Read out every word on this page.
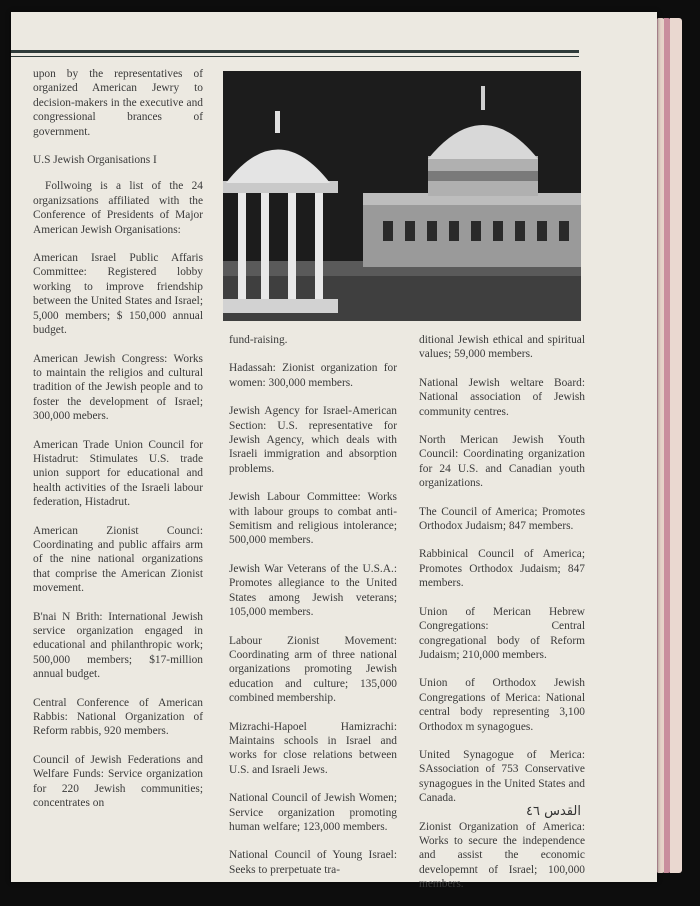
upon by the representatives of organized American Jewry to decision-makers in the executive and congressional brances of government.

U.S Jewish Organisations I

Follwoing is a list of the 24 organizsations affiliated with the Conference of Presidents of Major American Jewish Organisations:

American Israel Public Affaris Committee: Registered lobby working to improve friendship between the United States and Israel; 5,000 members; $ 150,000 annual budget.

American Jewish Congress: Works to maintain the religios and cultural tradition of the Jewish people and to foster the development of Israel; 300,000 mebers.

American Trade Union Council for Histadrut: Stimulates U.S. trade union support for educational and health activities of the Israeli labour federation, Histadrut.

American Zionist Counci: Coordinating and public affairs arm of the nine national organizations that comprise the American Zionist movement.

B'nai N Brith: International Jewish service organization engaged in educational and philanthropic work; 500,000 members; $17-million annual budget.

Central Conference of American Rabbis: National Organization of Reform rabbis, 920 members.

Council of Jewish Federations and Welfare Funds: Service organization for 220 Jewish communities; concentrates on

fund-raising.

Hadassah: Zionist organization for women: 300,000 members.

Jewish Agency for Israel-American Section: U.S. representative for Jewish Agency, which deals with Israeli immigration and absorption problems.

Jewish Labour Committee: Works with labour groups to combat anti-Semitism and religious intolerance; 500,000 members.

Jewish War Veterans of the U.S.A.: Promotes allegiance to the United States among Jewish veterans; 105,000 members.

Labour Zionist Movement: Coordinating arm of three national organizations promoting Jewish education and culture; 135,000 combined membership.

Mizrachi-Hapoel Hamizrachi: Maintains schools in Israel and works for close relations between U.S. and Israeli Jews.

National Council of Jewish Women; Service organization promoting human welfare; 123,000 members.

National Council of Young Israel: Seeks to prerpetuate tra-

ditional Jewish ethical and spiritual values; 59,000 members.

National Jewish weltare Board: National association of Jewish community centres.

North Merican Jewish Youth Council: Coordinating organization for 24 U.S. and Canadian youth organizations.

The Council of America; Promotes Orthodox Judaism; 847 members.

Rabbinical Council of America; Promotes Orthodox Judaism; 847 members.

Union of Merican Hebrew Congregations: Central congregational body of Reform Judaism; 210,000 members.

Union of Orthodox Jewish Congregations of Merica: National central body representing 3,100 Orthodox m synagogues.

United Synagogue of Merica: SAssociation of 753 Conservative synagogues in the United States and Canada.

Zionist Organization of America: Works to secure the independence and assist the economic developemnt of Israel; 100,000 members.

القدس ٤٦
